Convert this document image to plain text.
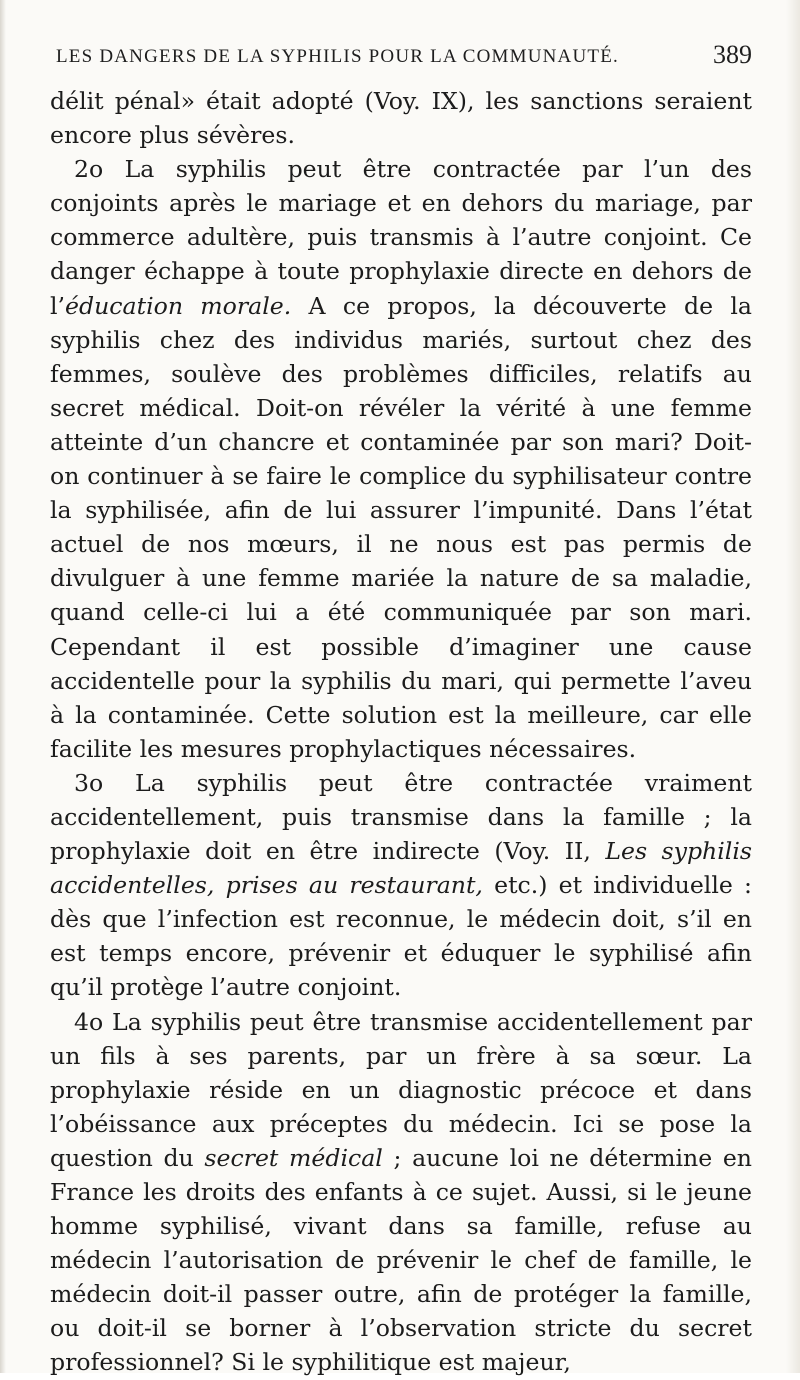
LES DANGERS DE LA SYPHILIS POUR LA COMMUNAUTÉ.	389

délit pénal» était adopté (Voy. IX), les sanctions seraient encore plus sévères.

2o La syphilis peut être contractée par l’un des conjoints après le mariage et en dehors du mariage, par commerce adultère, puis transmis à l’autre conjoint. Ce danger échappe à toute prophylaxie directe en dehors de l’éducation morale. A ce propos, la découverte de la syphilis chez des individus mariés, surtout chez des femmes, soulève des problèmes difficiles, relatifs au secret médical. Doit-on révéler la vérité à une femme atteinte d’un chancre et contaminée par son mari? Doit-on continuer à se faire le complice du syphilisateur contre la syphilisée, afin de lui assurer l’impunité. Dans l’état actuel de nos mœurs, il ne nous est pas permis de divulguer à une femme mariée la nature de sa maladie, quand celle-ci lui a été communiquée par son mari. Cependant il est possible d’imaginer une cause accidentelle pour la syphilis du mari, qui permette l’aveu à la contaminée. Cette solution est la meilleure, car elle facilite les mesures prophylactiques nécessaires.

3o La syphilis peut être contractée vraiment accidentellement, puis transmise dans la famille ; la prophylaxie doit en être indirecte (Voy. II, Les syphilis accidentelles, prises au restaurant, etc.) et individuelle : dès que l’infection est reconnue, le médecin doit, s’il en est temps encore, prévenir et éduquer le syphilisé afin qu’il protège l’autre conjoint.

4o La syphilis peut être transmise accidentellement par un fils à ses parents, par un frère à sa sœur. La prophylaxie réside en un diagnostic précoce et dans l’obéissance aux préceptes du médecin. Ici se pose la question du secret médical ; aucune loi ne détermine en France les droits des enfants à ce sujet. Aussi, si le jeune homme syphilisé, vivant dans sa famille, refuse au médecin l’autorisation de prévenir le chef de famille, le médecin doit-il passer outre, afin de protéger la famille, ou doit-il se borner à l’observation stricte du secret professionnel? Si le syphilitique est majeur,
